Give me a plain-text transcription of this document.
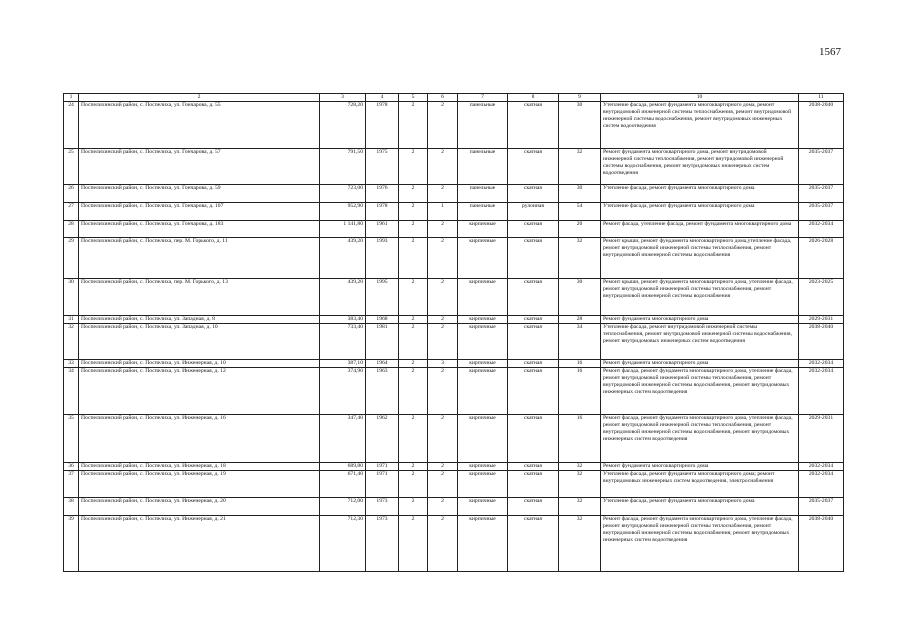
1567
1	2	3	4	5	6	7	8	9	10	11
24	Поспелихинский район, с. Поспелиха, ул. Гончарова, д. 55	728,20	1978	2	2	панельные	скатная	30	Утепление фасада, ремонт фундамента многоквартирного дома, ремонт внутридомовой инженерной системы теплоснабжения, ремонт внутридомовой инженерной системы водоснабжения, ремонт внутридомовых инженерных систем водоотведения	2038-2040
25	Поспелихинский район, с. Поспелиха, ул. Гончарова, д. 57	791,50	1975	2	2	панельные	скатная	32	Ремонт фундамента многоквартирного дома, ремонт внутридомовой инженерной системы теплоснабжения, ремонт внутридомовой инженерной системы водоснабжения, ремонт внутридомовых инженерных систем водоотведения	2035-2037
26	Поспелихинский район, с. Поспелиха, ул. Гончарова, д. 59	723,00	1976	2	2	панельные	скатная	30	Утепление фасада, ремонт фундамента многоквартирного дома	2035-2037
27	Поспелихинский район, с. Поспелиха, ул. Гончарова, д. 107	952,90	1978	2	1	панельные	рулонная	54	Утепление фасада, ремонт фундамента многоквартирного дома	2035-2037
28	Поспелихинский район, с. Поспелиха, ул. Гончарова, д. 183	1 141,80	1961	2	2	кирпичные	скатная	20	Ремонт фасада, утепление фасада, ремонт фундамента многоквартирного дома	2032-2034
29	Поспелихинский район, с. Поспелиха, пер. М. Горького, д. 11	439,20	1993	2	2	кирпичные	скатная	32	Ремонт крыши, ремонт фундамента многоквартирного дома,утепление фасада, ремонт внутридомовой инженерной системы теплоснабжения, ремонт внутридомовой инженерной системы водоснабжения	2026-2028
30	Поспелихинский район, с. Поспелиха, пер. М. Горького, д. 13	439,20	1995	2	2	кирпичные	скатная	30	Ремонт крыши, ремонт фундамента многоквартирного дома, утепление фасада, ремонт внутридомовой инженерной системы теплоснабжения, ремонт внутридомовой инженерной системы водоснабжения	2023-2025
31	Поспелихинский район, с. Поспелиха, ул. Западная, д. 8	383,40	1968	2	2	кирпичные	скатная	28	Ремонт фундамента многоквартирного дома	2029-2031
32	Поспелихинский район, с. Поспелиха, ул. Западная, д. 10	733,40	1981	2	2	кирпичные	скатная	34	Утепление фасада, ремонт внутридомовой инженерной системы теплоснабжения, ремонт внутридомовой инженерной системы водоснабжения, ремонт внутридомовых инженерных систем водоотведения	2038-2040
33	Поспелихинский район, с. Поспелиха, ул. Инженерная, д. 10	387,10	1964	2	3	кирпичные	скатная	16	Ремонт фундамента многоквартирного дома	2032-2034
34	Поспелихинский район, с. Поспелиха, ул. Инженерная, д. 12	374,90	1963	2	2	кирпичные	скатная	16	Ремонт фасада, ремонт фундамента многоквартирного дома, утепление фасада, ремонт внутридомовой инженерной системы теплоснабжения, ремонт внутридомовой инженерной системы водоснабжения, ремонт внутридомовых инженерных систем водоотведения	2032-2034
35	Поспелихинский район, с. Поспелиха, ул. Инженерная, д. 16	347,40	1962	2	2	кирпичные	скатная	16	Ремонт фасада, ремонт фундамента многоквартирного дома, утепление фасада, ремонт внутридомовой инженерной системы теплоснабжения, ремонт внутридомовой инженерной системы водоснабжения, ремонт внутридомовых инженерных систем водоотведения	2029-2031
36	Поспелихинский район, с. Поспелиха, ул. Инженерная, д. 18	689,80	1971	2	2	кирпичные	скатная	32	Ремонт фундамента многоквартирного дома	2032-2034
37	Поспелихинский район, с. Поспелиха, ул. Инженерная, д. 19	671,40	1971	2	2	кирпичные	скатная	32	Утепление фасада, ремонт фундамента многоквартирного дома; ремонт внутридомовых инженерных систем водоотведения, электроснабжения	2032-2034
38	Поспелихинский район, с. Поспелиха, ул. Инженерная, д. 20	712,00	1973	2	2	кирпичные	скатная	32	Утепление фасада, ремонт фундамента многоквартирного дома	2035-2037
39	Поспелихинский район, с. Поспелиха, ул. Инженерная, д. 21	712,30	1973	2	2	кирпичные	скатная	32	Ремонт фасада, ремонт фундамента многоквартирного дома, утепление фасада, ремонт внутридомовой инженерной системы теплоснабжения, ремонт внутридомовой инженерной системы водоснабжения, ремонт внутридомовых инженерных систем водоотведения	2038-2040
